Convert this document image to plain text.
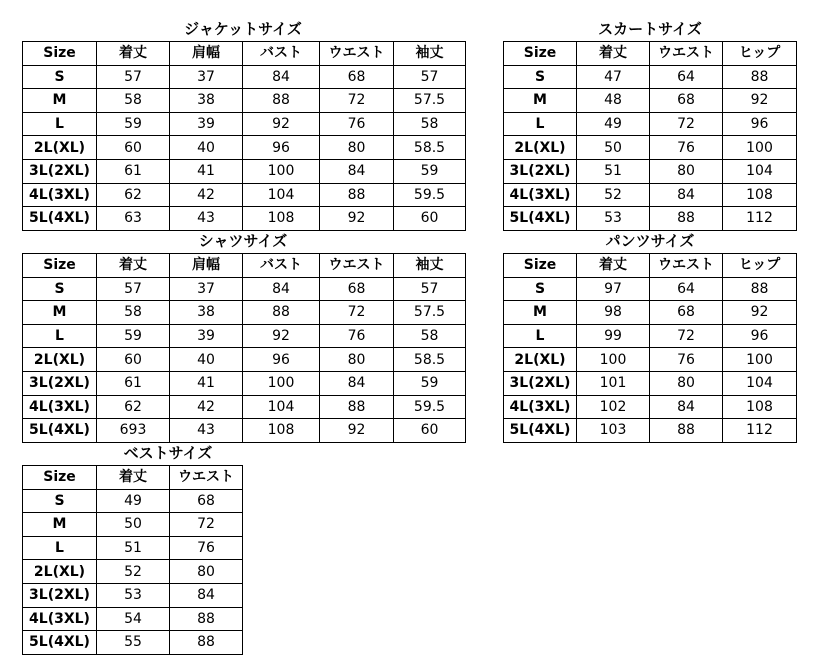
ジャケットサイズ
Size	着丈	肩幅	バスト	ウエスト	袖丈
S	57	37	84	68	57
M	58	38	88	72	57.5
L	59	39	92	76	58
2L(XL)	60	40	96	80	58.5
3L(2XL)	61	41	100	84	59
4L(3XL)	62	42	104	88	59.5
5L(4XL)	63	43	108	92	60
スカートサイズ
Size	着丈	ウエスト	ヒップ
S	47	64	88
M	48	68	92
L	49	72	96
2L(XL)	50	76	100
3L(2XL)	51	80	104
4L(3XL)	52	84	108
5L(4XL)	53	88	112
シャツサイズ
Size	着丈	肩幅	バスト	ウエスト	袖丈
S	57	37	84	68	57
M	58	38	88	72	57.5
L	59	39	92	76	58
2L(XL)	60	40	96	80	58.5
3L(2XL)	61	41	100	84	59
4L(3XL)	62	42	104	88	59.5
5L(4XL)	693	43	108	92	60
パンツサイズ
Size	着丈	ウエスト	ヒップ
S	97	64	88
M	98	68	92
L	99	72	96
2L(XL)	100	76	100
3L(2XL)	101	80	104
4L(3XL)	102	84	108
5L(4XL)	103	88	112
ベストサイズ
Size	着丈	ウエスト
S	49	68
M	50	72
L	51	76
2L(XL)	52	80
3L(2XL)	53	84
4L(3XL)	54	88
5L(4XL)	55	88
